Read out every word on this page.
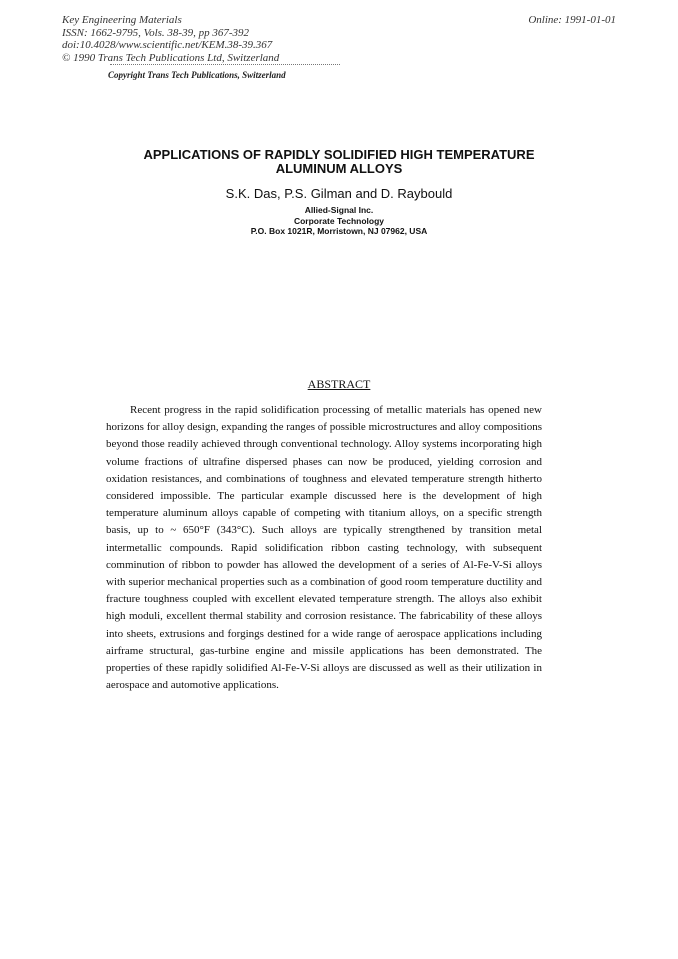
Key Engineering Materials
ISSN: 1662-9795, Vols. 38-39, pp 367-392
doi:10.4028/www.scientific.net/KEM.38-39.367
© 1990 Trans Tech Publications Ltd, Switzerland
Online: 1991-01-01
Copyright Trans Tech Publications, Switzerland
APPLICATIONS OF RAPIDLY SOLIDIFIED HIGH TEMPERATURE
ALUMINUM ALLOYS
S.K. Das, P.S. Gilman and D. Raybould
Allied-Signal Inc.
Corporate Technology
P.O. Box 1021R, Morristown, NJ 07962, USA
ABSTRACT

Recent progress in the rapid solidification processing of metallic materials has opened new horizons for alloy design, expanding the ranges of possible microstructures and alloy compositions beyond those readily achieved through conventional technology. Alloy systems incorporating high volume fractions of ultrafine dispersed phases can now be produced, yielding corrosion and oxidation resistances, and combinations of toughness and elevated temperature strength hitherto considered impossible. The particular example discussed here is the development of high temperature aluminum alloys capable of competing with titanium alloys, on a specific strength basis, up to ~ 650°F (343°C). Such alloys are typically strengthened by transition metal intermetallic compounds. Rapid solidification ribbon casting technology, with subsequent comminution of ribbon to powder has allowed the development of a series of Al-Fe-V-Si alloys with superior mechanical properties such as a combination of good room temperature ductility and fracture toughness coupled with excellent elevated temperature strength. The alloys also exhibit high moduli, excellent thermal stability and corrosion resistance. The fabricability of these alloys into sheets, extrusions and forgings destined for a wide range of aerospace applications including airframe structural, gas-turbine engine and missile applications has been demonstrated. The properties of these rapidly solidified Al-Fe-V-Si alloys are discussed as well as their utilization in aerospace and automotive applications.
